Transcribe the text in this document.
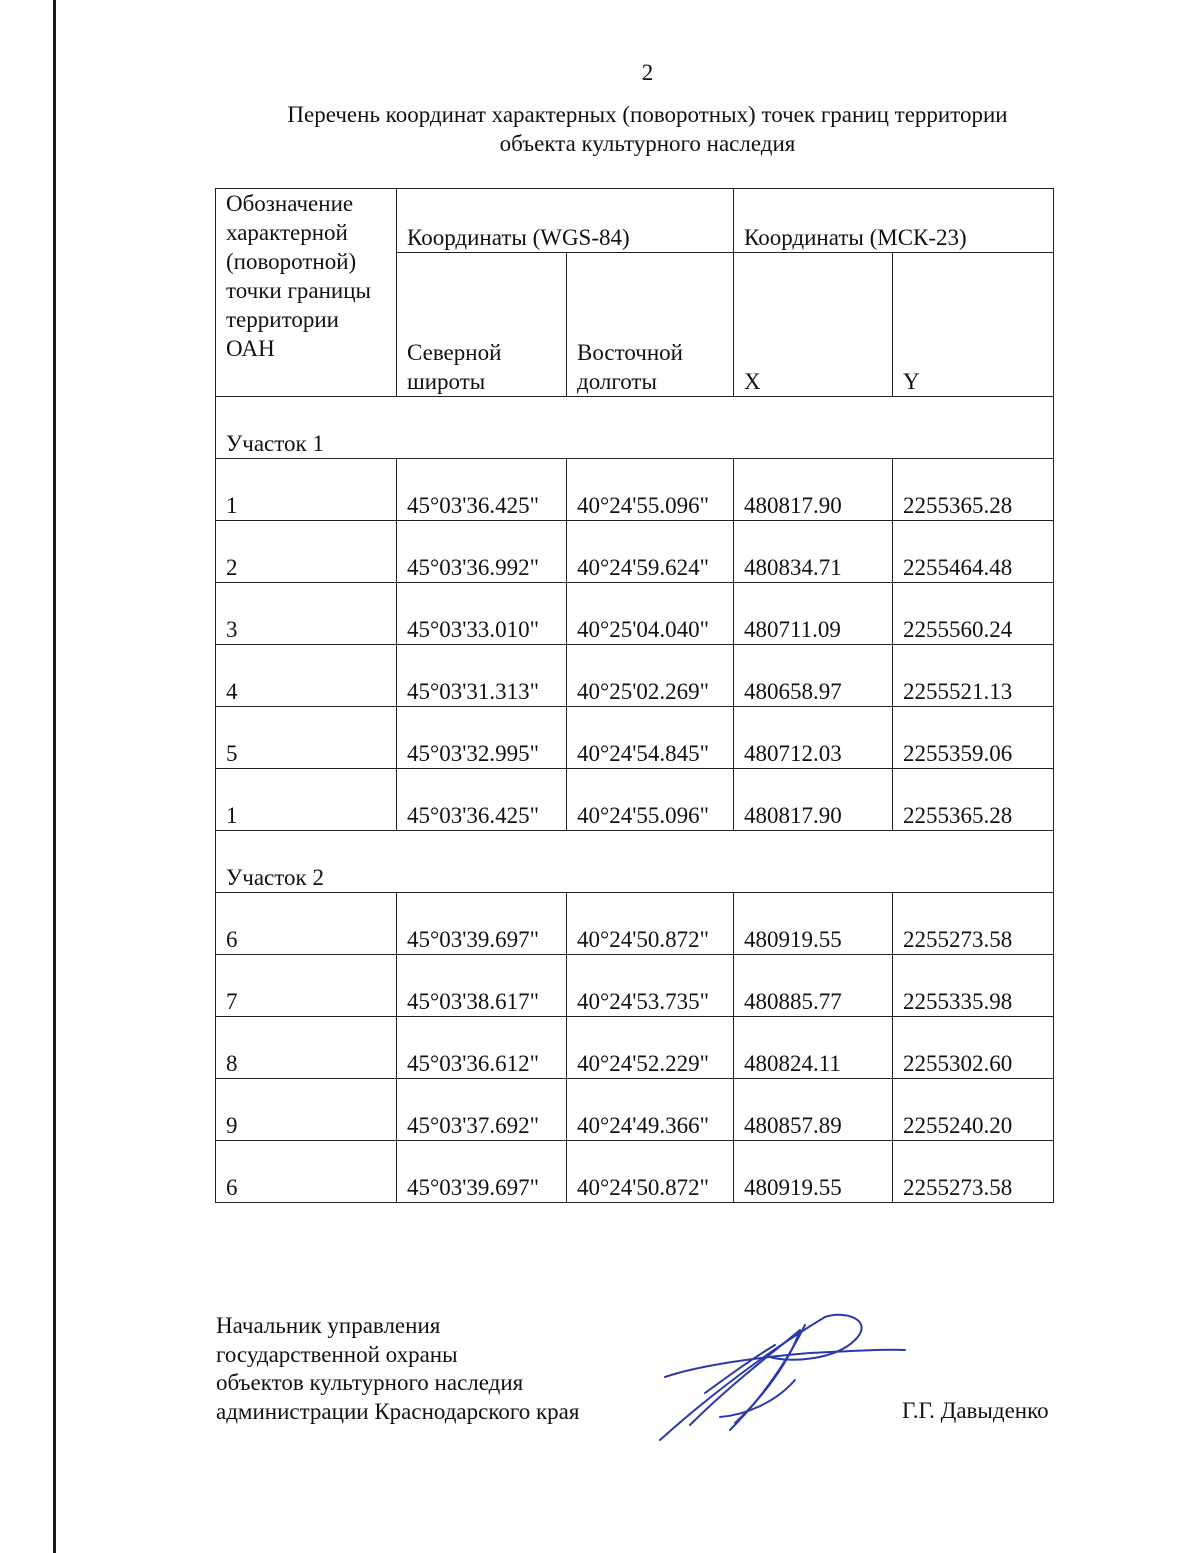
2
Перечень координат характерных (поворотных) точек границ территории
объекта культурного наследия
Обозначение характерной (поворотной) точки границы территории ОАН	Координаты (WGS-84)		Координаты (МСК-23)	
	Северной широты	Восточной долготы	X	Y
Участок 1				
1	45°03'36.425"	40°24'55.096"	480817.90	2255365.28
2	45°03'36.992"	40°24'59.624"	480834.71	2255464.48
3	45°03'33.010"	40°25'04.040"	480711.09	2255560.24
4	45°03'31.313"	40°25'02.269"	480658.97	2255521.13
5	45°03'32.995"	40°24'54.845"	480712.03	2255359.06
1	45°03'36.425"	40°24'55.096"	480817.90	2255365.28
Участок 2				
6	45°03'39.697"	40°24'50.872"	480919.55	2255273.58
7	45°03'38.617"	40°24'53.735"	480885.77	2255335.98
8	45°03'36.612"	40°24'52.229"	480824.11	2255302.60
9	45°03'37.692"	40°24'49.366"	480857.89	2255240.20
6	45°03'39.697"	40°24'50.872"	480919.55	2255273.58
Начальник управления
государственной охраны
объектов культурного наследия
администрации Краснодарского края	Г.Г. Давыденко
